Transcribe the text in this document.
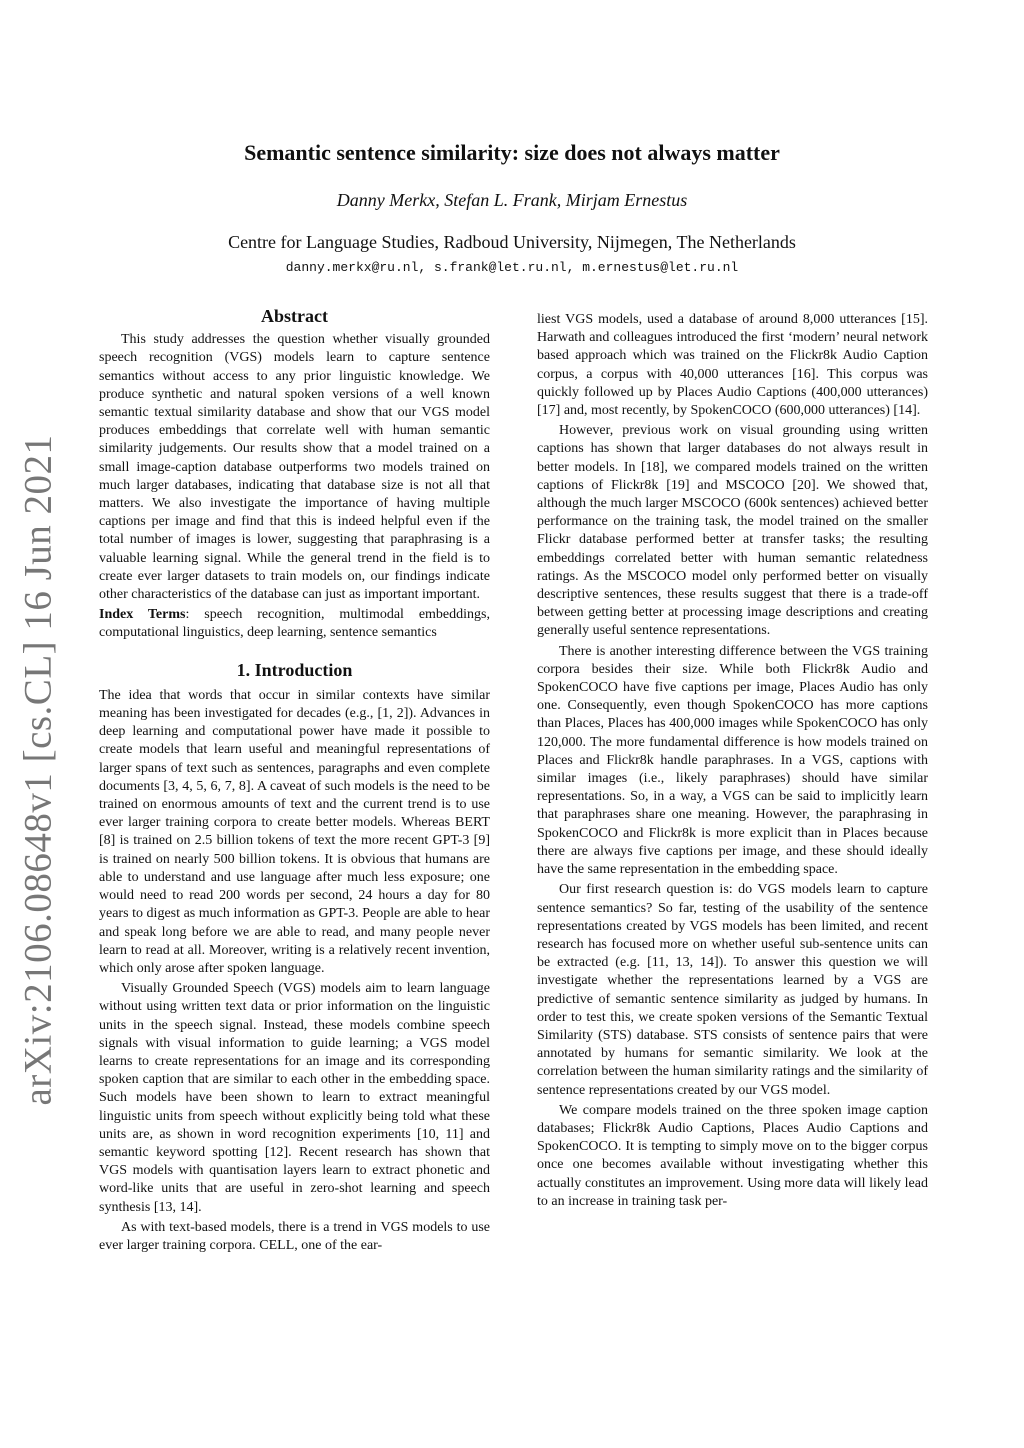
arXiv:2106.08648v1 [cs.CL] 16 Jun 2021
Semantic sentence similarity: size does not always matter
Danny Merkx, Stefan L. Frank, Mirjam Ernestus
Centre for Language Studies, Radboud University, Nijmegen, The Netherlands
danny.merkx@ru.nl, s.frank@let.ru.nl, m.ernestus@let.ru.nl
Abstract

This study addresses the question whether visually grounded speech recognition (VGS) models learn to capture sentence semantics without access to any prior linguistic knowledge. We produce synthetic and natural spoken versions of a well known semantic textual similarity database and show that our VGS model produces embeddings that correlate well with human semantic similarity judgements. Our results show that a model trained on a small image-caption database outperforms two models trained on much larger databases, indicating that database size is not all that matters. We also investigate the importance of having multiple captions per image and find that this is indeed helpful even if the total number of images is lower, suggesting that paraphrasing is a valuable learning signal. While the general trend in the field is to create ever larger datasets to train models on, our findings indicate other characteristics of the database can just as important important.

Index Terms: speech recognition, multimodal embeddings, computational linguistics, deep learning, sentence semantics

1. Introduction

The idea that words that occur in similar contexts have similar meaning has been investigated for decades (e.g., [1, 2]). Advances in deep learning and computational power have made it possible to create models that learn useful and meaningful representations of larger spans of text such as sentences, paragraphs and even complete documents [3, 4, 5, 6, 7, 8]. A caveat of such models is the need to be trained on enormous amounts of text and the current trend is to use ever larger training corpora to create better models. Whereas BERT [8] is trained on 2.5 billion tokens of text the more recent GPT-3 [9] is trained on nearly 500 billion tokens. It is obvious that humans are able to understand and use language after much less exposure; one would need to read 200 words per second, 24 hours a day for 80 years to digest as much information as GPT-3. People are able to hear and speak long before we are able to read, and many people never learn to read at all. Moreover, writing is a relatively recent invention, which only arose after spoken language.

Visually Grounded Speech (VGS) models aim to learn language without using written text data or prior information on the linguistic units in the speech signal. Instead, these models combine speech signals with visual information to guide learning; a VGS model learns to create representations for an image and its corresponding spoken caption that are similar to each other in the embedding space. Such models have been shown to learn to extract meaningful linguistic units from speech without explicitly being told what these units are, as shown in word recognition experiments [10, 11] and semantic keyword spotting [12]. Recent research has shown that VGS models with quantisation layers learn to extract phonetic and word-like units that are useful in zero-shot learning and speech synthesis [13, 14].

As with text-based models, there is a trend in VGS models to use ever larger training corpora. CELL, one of the ear-

liest VGS models, used a database of around 8,000 utterances [15]. Harwath and colleagues introduced the first ‘modern’ neural network based approach which was trained on the Flickr8k Audio Caption corpus, a corpus with 40,000 utterances [16]. This corpus was quickly followed up by Places Audio Captions (400,000 utterances) [17] and, most recently, by SpokenCOCO (600,000 utterances) [14].

However, previous work on visual grounding using written captions has shown that larger databases do not always result in better models. In [18], we compared models trained on the written captions of Flickr8k [19] and MSCOCO [20]. We showed that, although the much larger MSCOCO (600k sentences) achieved better performance on the training task, the model trained on the smaller Flickr database performed better at transfer tasks; the resulting embeddings correlated better with human semantic relatedness ratings. As the MSCOCO model only performed better on visually descriptive sentences, these results suggest that there is a trade-off between getting better at processing image descriptions and creating generally useful sentence representations.

There is another interesting difference between the VGS training corpora besides their size. While both Flickr8k Audio and SpokenCOCO have five captions per image, Places Audio has only one. Consequently, even though SpokenCOCO has more captions than Places, Places has 400,000 images while SpokenCOCO has only 120,000. The more fundamental difference is how models trained on Places and Flickr8k handle paraphrases. In a VGS, captions with similar images (i.e., likely paraphrases) should have similar representations. So, in a way, a VGS can be said to implicitly learn that paraphrases share one meaning. However, the paraphrasing in SpokenCOCO and Flickr8k is more explicit than in Places because there are always five captions per image, and these should ideally have the same representation in the embedding space.

Our first research question is: do VGS models learn to capture sentence semantics? So far, testing of the usability of the sentence representations created by VGS models has been limited, and recent research has focused more on whether useful sub-sentence units can be extracted (e.g. [11, 13, 14]). To answer this question we will investigate whether the representations learned by a VGS are predictive of semantic sentence similarity as judged by humans. In order to test this, we create spoken versions of the Semantic Textual Similarity (STS) database. STS consists of sentence pairs that were annotated by humans for semantic similarity. We look at the correlation between the human similarity ratings and the similarity of sentence representations created by our VGS model.

We compare models trained on the three spoken image caption databases; Flickr8k Audio Captions, Places Audio Captions and SpokenCOCO. It is tempting to simply move on to the bigger corpus once one becomes available without investigating whether this actually constitutes an improvement. Using more data will likely lead to an increase in training task per-
